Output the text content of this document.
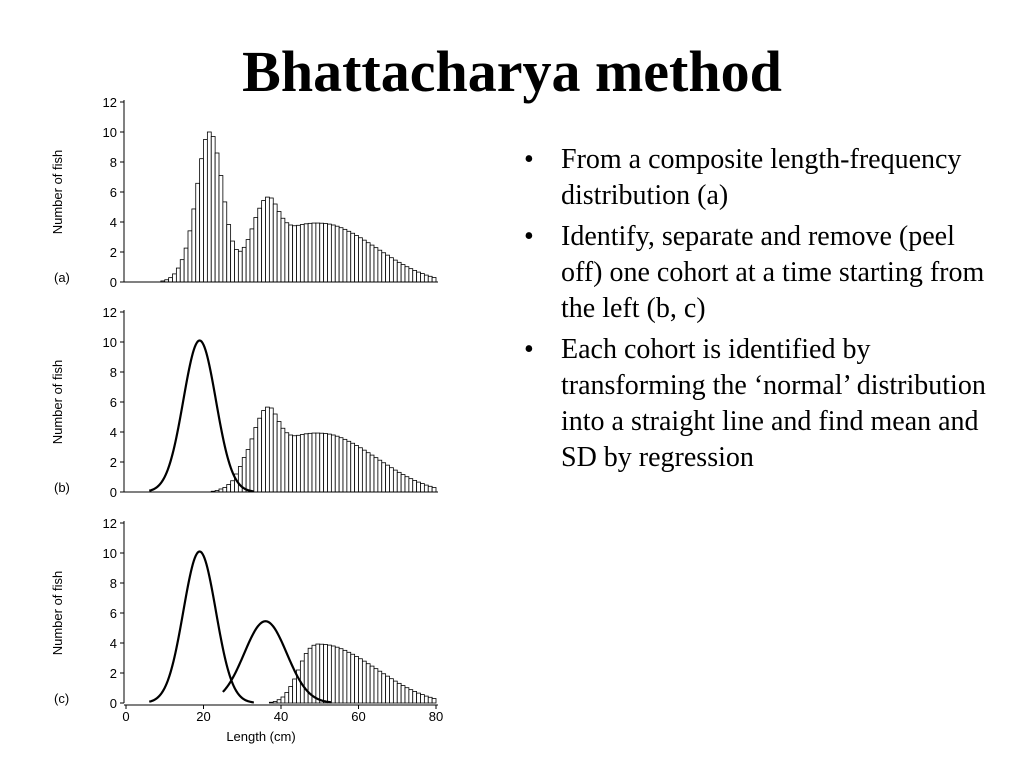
Bhattacharya method
0
2
4
6
8
10
12
Number of fish
(a)
0
2
4
6
8
10
12
Number of fish
(b)
0
2
4
6
8
10
12
Number of fish
(c)
0	20	40	60	80
Length (cm)
• From a composite length-frequency distribution (a)
• Identify, separate and remove (peel off) one cohort at a time starting from the left (b, c)
• Each cohort is identified by transforming the ‘normal’ distribution into a straight line and find mean and SD by regression
